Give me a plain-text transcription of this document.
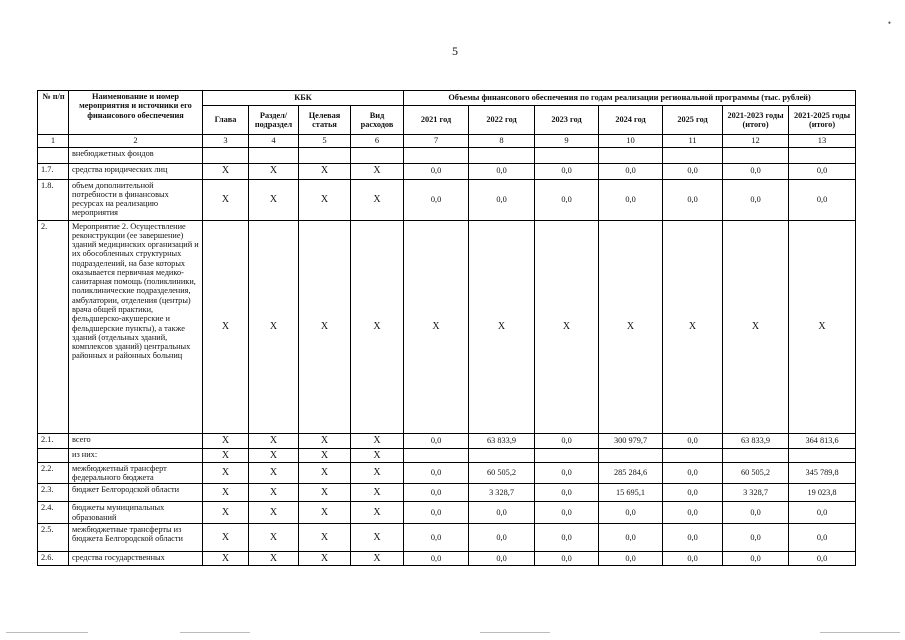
5
•
№ п/п	Наименование и номер мероприятия и источники его финансового обеспечения	КБК				Объемы финансового обеспечения по годам реализации региональной программы (тыс. рублей)						
		Глава	Раздел/ подраздел	Целевая статья	Вид расходов	2021 год	2022 год	2023 год	2024 год	2025 год	2021-2023 годы (итого)	2021-2025 годы (итого)
1	2	3	4	5	6	7	8	9	10	11	12	13
	внебюджетных фондов											
1.7.	средства юридических лиц	X	X	X	X	0,0	0,0	0,0	0,0	0,0	0,0	0,0
1.8.	объем дополнительной потребности в финансовых ресурсах на реализацию мероприятия	X	X	X	X	0,0	0,0	0,0	0,0	0,0	0,0	0,0
2.	Мероприятие 2. Осуществление реконструкции (ее завершение) зданий медицинских организаций и их обособленных структурных подразделений, на базе которых оказывается первичная медико-санитарная помощь (поликлиники, поликлинические подразделения, амбулатории, отделения (центры) врача общей практики, фельдшерско-акушерские и фельдшерские пункты), а также зданий (отдельных зданий, комплексов зданий) центральных районных и районных больниц	X	X	X	X	X	X	X	X	X	X	X
2.1.	всего	X	X	X	X	0,0	63 833,9	0,0	300 979,7	0,0	63 833,9	364 813,6
	из них:	X	X	X	X							
2.2.	межбюджетный трансферт федерального бюджета	X	X	X	X	0,0	60 505,2	0,0	285 284,6	0,0	60 505,2	345 789,8
2.3.	бюджет Белгородской области	X	X	X	X	0,0	3 328,7	0,0	15 695,1	0,0	3 328,7	19 023,8
2.4.	бюджеты муниципальных образований	X	X	X	X	0,0	0,0	0,0	0,0	0,0	0,0	0,0
2.5.	межбюджетные трансферты из бюджета Белгородской области	X	X	X	X	0,0	0,0	0,0	0,0	0,0	0,0	0,0
2.6.	средства государственных	X	X	X	X	0,0	0,0	0,0	0,0	0,0	0,0	0,0
